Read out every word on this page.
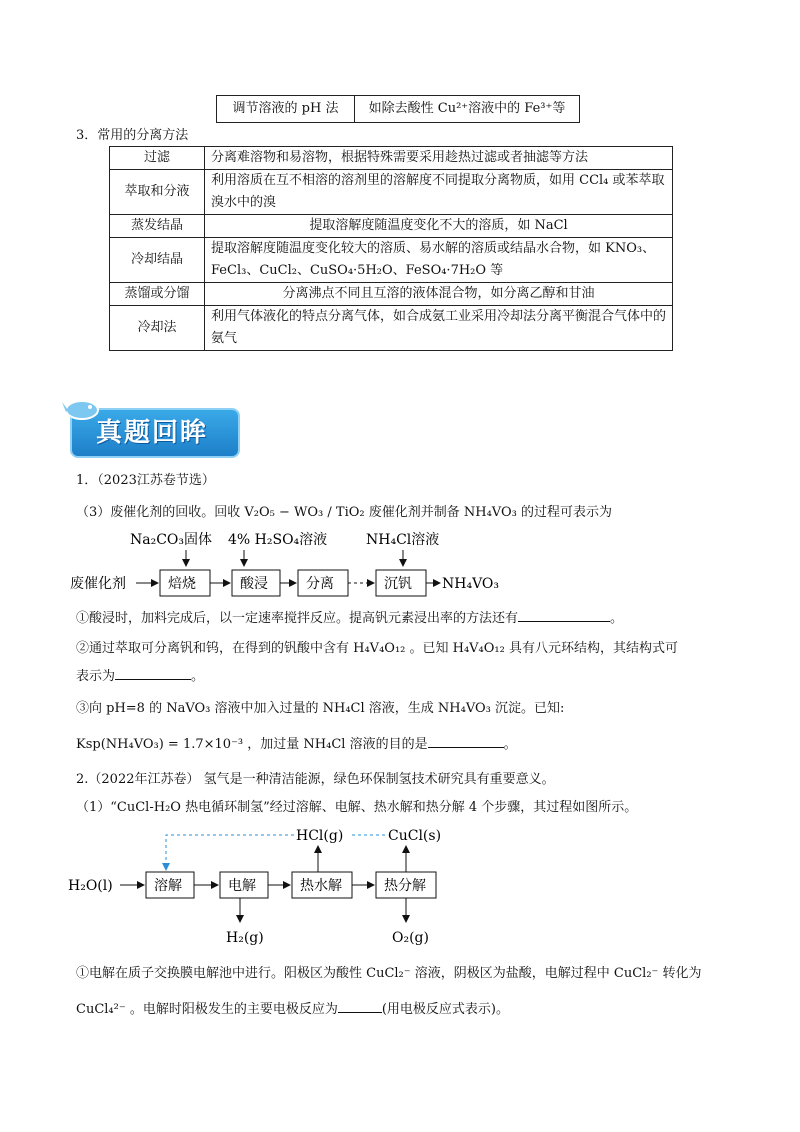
调节溶液的 pH 法	如除去酸性 Cu²⁺溶液中的 Fe³⁺等
3．常用的分离方法
过滤	分离难溶物和易溶物，根据特殊需要采用趁热过滤或者抽滤等方法
萃取和分液	利用溶质在互不相溶的溶剂里的溶解度不同提取分离物质，如用 CCl₄ 或苯萃取溴水中的溴
蒸发结晶	提取溶解度随温度变化不大的溶质，如 NaCl
冷却结晶	提取溶解度随温度变化较大的溶质、易水解的溶质或结晶水合物，如 KNO₃、FeCl₃、CuCl₂、CuSO₄·5H₂O、FeSO₄·7H₂O 等
蒸馏或分馏	分离沸点不同且互溶的液体混合物，如分离乙醇和甘油
冷却法	利用气体液化的特点分离气体，如合成氨工业采用冷却法分离平衡混合气体中的氨气
真题回眸
1．（2023江苏卷节选）
（3）废催化剂的回收。回收 V₂O₅ − WO₃ / TiO₂ 废催化剂并制备 NH₄VO₃ 的过程可表示为
Na₂CO₃固体 4% H₂SO₄溶液	NH₄Cl溶液
废催化剂	焙烧	酸浸	分离	沉钒 NH₄VO₃
①酸浸时，加料完成后，以一定速率搅拌反应。提高钒元素浸出率的方法还有	。
②通过萃取可分离钒和钨，在得到的钒酸中含有 H₄V₄O₁₂ 。已知 H₄V₄O₁₂ 具有八元环结构，其结构式可
表示为	。
③向 pH=8 的 NaVO₃ 溶液中加入过量的 NH₄Cl 溶液，生成 NH₄VO₃ 沉淀。已知:
Ksp(NH₄VO₃) = 1.7×10⁻³ ，加过量 NH₄Cl 溶液的目的是	。
2.（2022年江苏卷） 氢气是一种清洁能源，绿色环保制氢技术研究具有重要意义。
（1）“CuCl-H₂O 热电循环制氢”经过溶解、电解、热水解和热分解 4 个步骤，其过程如图所示。
HCl(g)	CuCl(s)
H₂O(l)	溶解	电解	热水解	热分解
H₂(g)	O₂(g)
①电解在质子交换膜电解池中进行。阳极区为酸性 CuCl₂⁻ 溶液，阴极区为盐酸，电解过程中 CuCl₂⁻ 转化为
CuCl₄²⁻ 。电解时阳极发生的主要电极反应为	(用电极反应式表示)。
